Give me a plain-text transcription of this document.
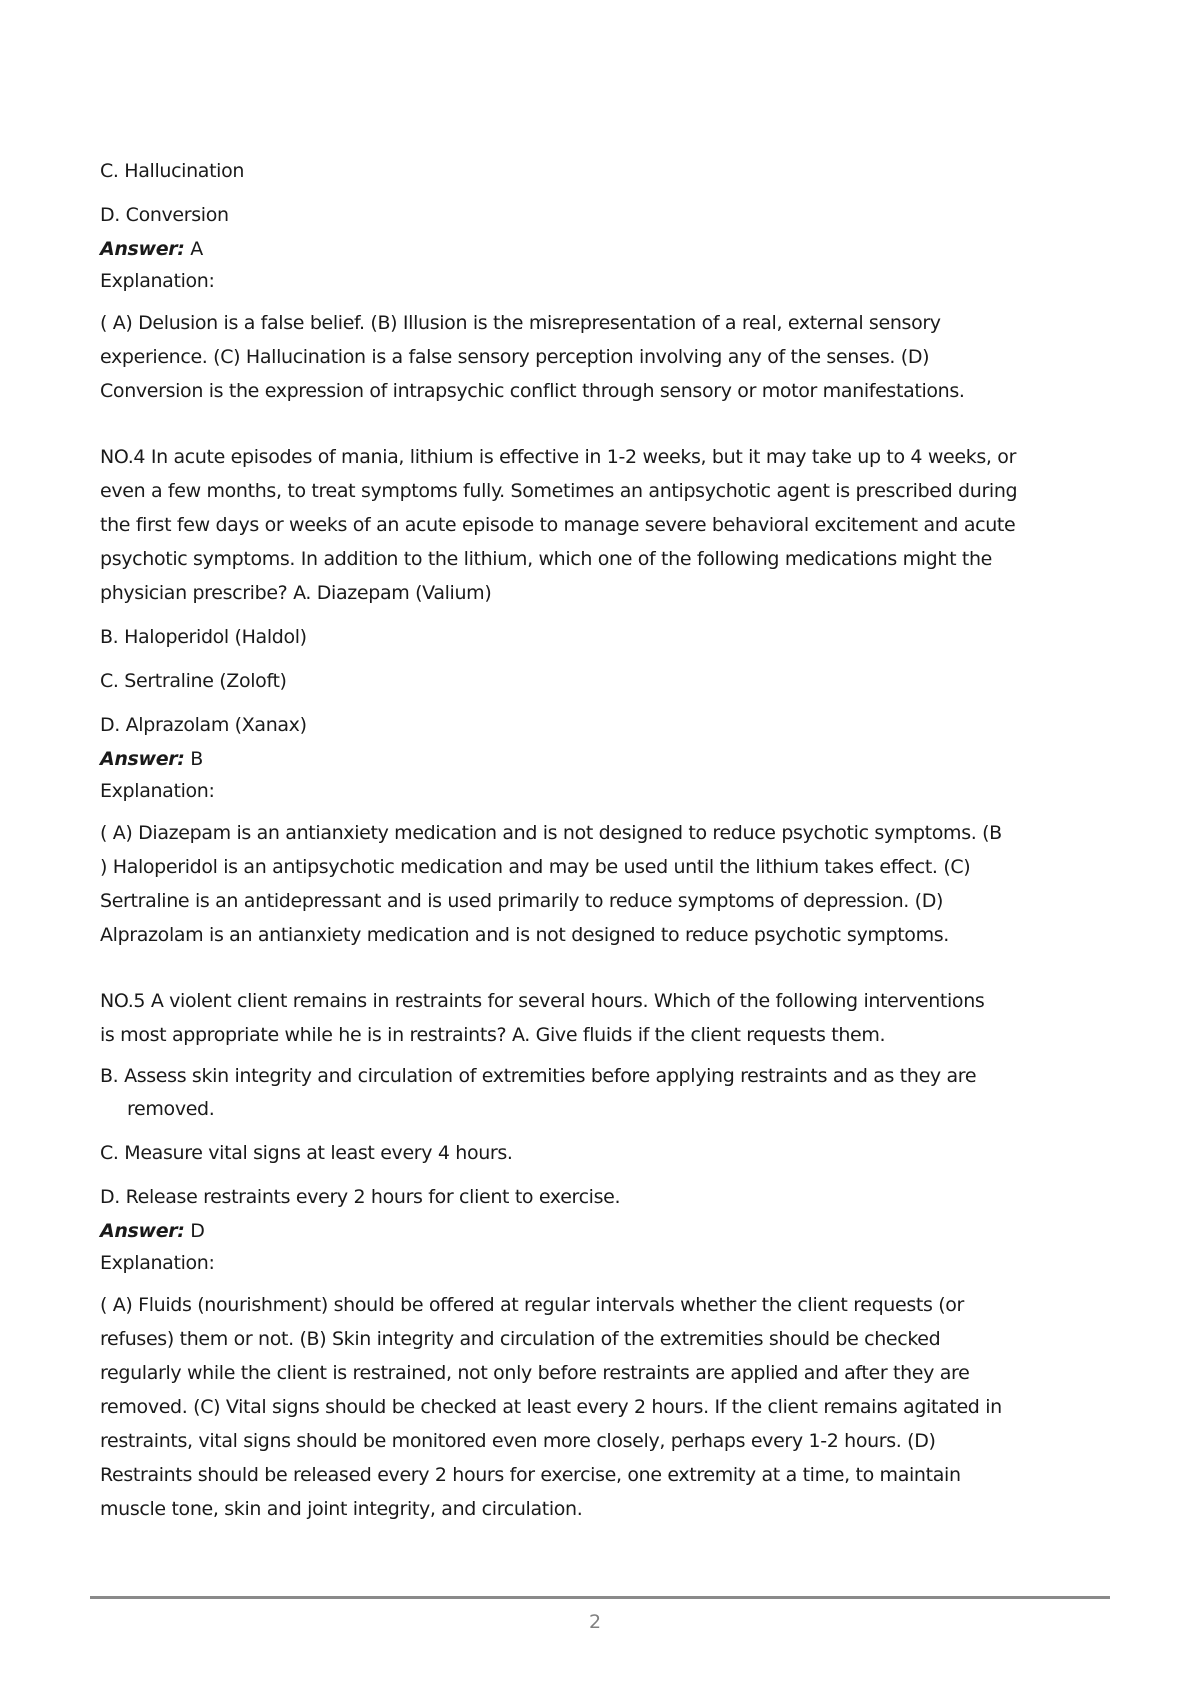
C. Hallucination

D. Conversion

Answer: A

Explanation:

( A) Delusion is a false belief. (B) Illusion is the misrepresentation of a real, external sensory experience. (C) Hallucination is a false sensory perception involving any of the senses. (D) Conversion is the expression of intrapsychic conflict through sensory or motor manifestations.

NO.4 In acute episodes of mania, lithium is effective in 1-2 weeks, but it may take up to 4 weeks, or even a few months, to treat symptoms fully. Sometimes an antipsychotic agent is prescribed during the first few days or weeks of an acute episode to manage severe behavioral excitement and acute psychotic symptoms. In addition to the lithium, which one of the following medications might the physician prescribe? A. Diazepam (Valium)

B. Haloperidol (Haldol)

C. Sertraline (Zoloft)

D. Alprazolam (Xanax)

Answer: B

Explanation:

( A) Diazepam is an antianxiety medication and is not designed to reduce psychotic symptoms. (B ) Haloperidol is an antipsychotic medication and may be used until the lithium takes effect. (C) Sertraline is an antidepressant and is used primarily to reduce symptoms of depression. (D) Alprazolam is an antianxiety medication and is not designed to reduce psychotic symptoms.

NO.5 A violent client remains in restraints for several hours. Which of the following interventions is most appropriate while he is in restraints? A. Give fluids if the client requests them.

B. Assess skin integrity and circulation of extremities before applying restraints and as they are removed.

C. Measure vital signs at least every 4 hours.

D. Release restraints every 2 hours for client to exercise.

Answer: D

Explanation:

( A) Fluids (nourishment) should be offered at regular intervals whether the client requests (or refuses) them or not. (B) Skin integrity and circulation of the extremities should be checked regularly while the client is restrained, not only before restraints are applied and after they are removed. (C) Vital signs should be checked at least every 2 hours. If the client remains agitated in restraints, vital signs should be monitored even more closely, perhaps every 1-2 hours. (D) Restraints should be released every 2 hours for exercise, one extremity at a time, to maintain muscle tone, skin and joint integrity, and circulation.

2
